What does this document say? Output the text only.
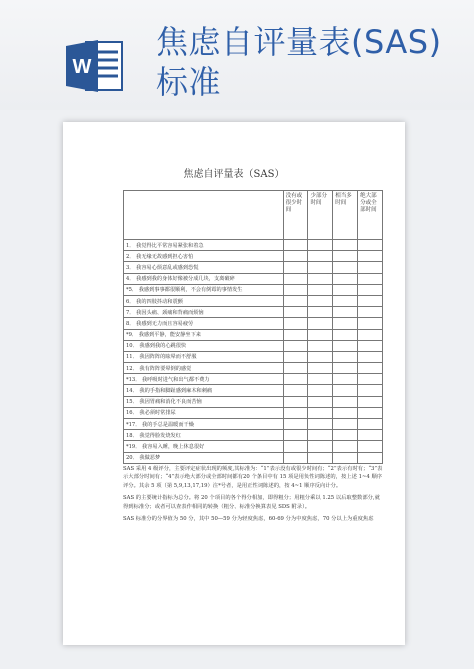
W
焦虑自评量表(SAS)标准
焦虑自评量表（SAS）
	没有或很少时间	少部分时间	相当多时间	绝大部分或全部时间
1． 我觉得比平常容易紧张和着急				
2． 我无缘无故感到担心害怕				
3． 我容易心烦意乱或感到恐慌				
4． 我感到我的身体好像被分成几块，支离破碎				
*5． 我感到事事都很顺利，不会有倒霉的事情发生				
6． 我的四肢抖动和震颤				
7． 我因头痛、颈痛和背痛而烦恼				
8． 我感到无力而且容易疲劳				
*9． 我感到平静，能安静坐下来				
10． 我感到我的心跳很快				
11． 我因阵阵的眩晕而不舒服				
12． 我有阵阵要晕倒的感觉				
*13． 我呼吸时进气和出气都不费力				
14． 我的手指和脚趾感到麻木和刺痛				
15． 我因胃痛和消化不良而苦恼				
16． 我必须时常排尿				
*17． 我的手总是温暖而干燥				
18． 我觉得脸发烧发红				
*19． 我容易入睡，晚上休息很好				
20． 我做恶梦				

SAS 采用 4 级评分，主要评定症状出现的频度,其标准为：“1”表示没有或很少时间有；“2”表示有时有；“3”表示大部分时间有；“4”表示绝大部分或全部时间都有20 个条目中有 15 项是用负性词陈述的，按上述 1~4 顺序评分。其余 5 项（第 5,9,13,17,19）注*号者，是用正性词陈述的，按 4~1 顺序反向计分。

SAS 的主要统计指标为总分。将 20 个项目的各个得分相加，即得粗分；用粗分乘以 1.25 以后取整数部分,就得到标准分；或者可以查表作相同的转换（粗分、标准分换算表见 SDS 附录）。

SAS 标准分的分界值为 50 分，其中 50—59 分为轻度焦虑，60-69 分为中度焦虑，70 分以上为重度焦虑
